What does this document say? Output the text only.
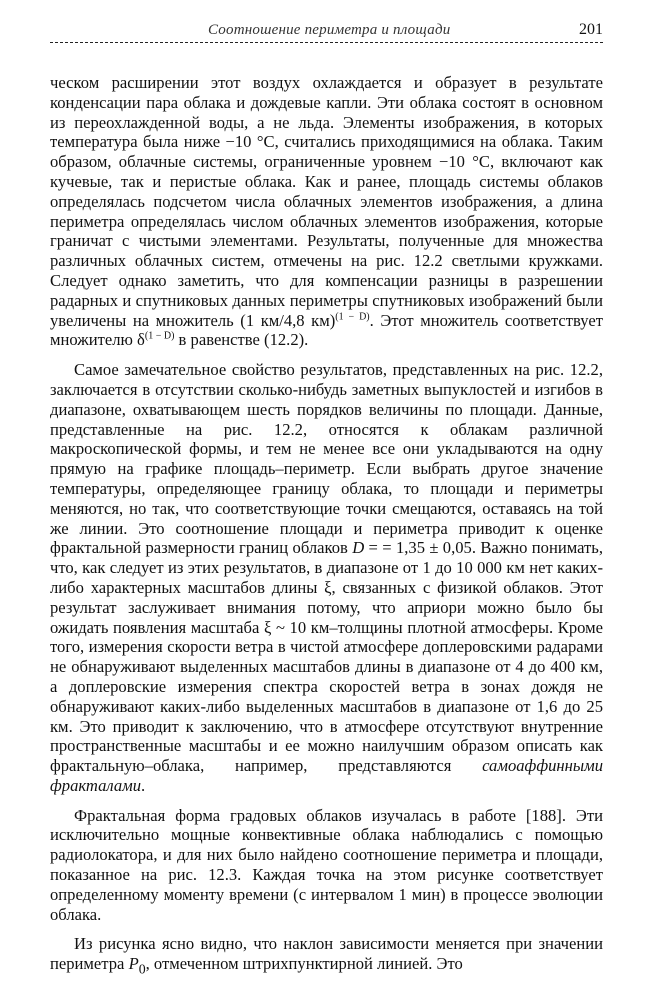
Соотношение периметра и площади	201

ческом расширении этот воздух охлаждается и образует в результате конденсации пара облака и дождевые капли. Эти облака состоят в основном из переохлажденной воды, а не льда. Элементы изображения, в которых температура была ниже −10 °С, считались приходящимися на облака. Таким образом, облачные системы, ограниченные уровнем −10 °С, включают как кучевые, так и перистые облака. Как и ранее, площадь системы облаков определялась подсчетом числа облачных элементов изображения, а длина периметра определялась числом облачных элементов изображения, которые граничат с чистыми элементами. Результаты, полученные для множества различных облачных систем, отмечены на рис. 12.2 светлыми кружками. Следует однако заметить, что для компенсации разницы в разрешении радарных и спутниковых данных периметры спутниковых изображений были увеличены на множитель (1 км/4,8 км)$^{(1 - D)}$. Этот множитель соответствует множителю $\delta^{(1 - D)}$ в равенстве (12.2).

Самое замечательное свойство результатов, представленных на рис. 12.2, заключается в отсутствии сколько-нибудь заметных выпуклостей и изгибов в диапазоне, охватывающем шесть порядков величины по площади. Данные, представленные на рис. 12.2, относятся к облакам различной макроскопической формы, и тем не менее все они укладываются на одну прямую на графике площадь–периметр. Если выбрать другое значение температуры, определяющее границу облака, то площади и периметры меняются, но так, что соответствующие точки смещаются, оставаясь на той же линии. Это соотношение площади и периметра приводит к оценке фрактальной размерности границ облаков D = = 1,35 ± 0,05. Важно понимать, что, как следует из этих результатов, в диапазоне от 1 до 10 000 км нет каких-либо характерных масштабов длины ξ, связанных с физикой облаков. Этот результат заслуживает внимания потому, что априори можно было бы ожидать появления масштаба ξ ~ 10 км–толщины плотной атмосферы. Кроме того, измерения скорости ветра в чистой атмосфере доплеровскими радарами не обнаруживают выделенных масштабов длины в диапазоне от 4 до 400 км, а доплеровские измерения спектра скоростей ветра в зонах дождя не обнаруживают каких-либо выделенных масштабов в диапазоне от 1,6 до 25 км. Это приводит к заключению, что в атмосфере отсутствуют внутренние пространственные масштабы и ее можно наилучшим образом описать как фрактальную–облака, например, представляются самоаффинными фракталами.

Фрактальная форма градовых облаков изучалась в работе [188]. Эти исключительно мощные конвективные облака наблюдались с помощью радиолокатора, и для них было найдено соотношение периметра и площади, показанное на рис. 12.3. Каждая точка на этом рисунке соответствует определенному моменту времени (с интервалом 1 мин) в процессе эволюции облака.

Из рисунка ясно видно, что наклон зависимости меняется при значении периметра $P_0$, отмеченном штрихпунктирной линией. Это
